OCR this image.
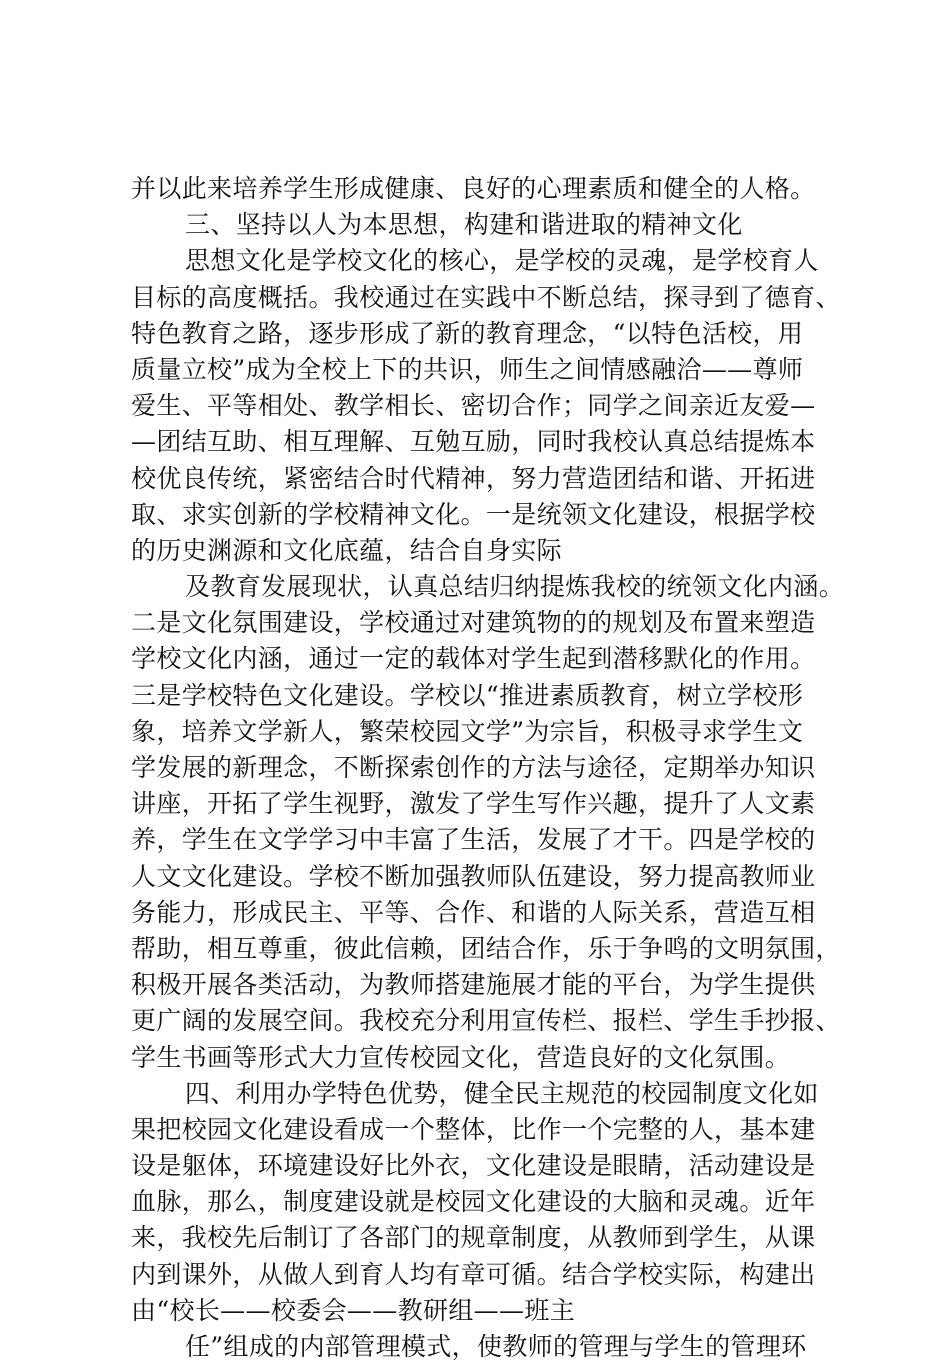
并以此来培养学生形成健康、良好的心理素质和健全的人格。
三、坚持以人为本思想，构建和谐进取的精神文化
思想文化是学校文化的核心，是学校的灵魂，是学校育人
目标的高度概括。我校通过在实践中不断总结，探寻到了德育、
特色教育之路，逐步形成了新的教育理念，“以特色活校，用
质量立校”成为全校上下的共识，师生之间情感融洽——尊师
爱生、平等相处、教学相长、密切合作；同学之间亲近友爱—
—团结互助、相互理解、互勉互励，同时我校认真总结提炼本
校优良传统，紧密结合时代精神，努力营造团结和谐、开拓进
取、求实创新的学校精神文化。一是统领文化建设，根据学校
的历史渊源和文化底蕴，结合自身实际
及教育发展现状，认真总结归纳提炼我校的统领文化内涵。
二是文化氛围建设，学校通过对建筑物的的规划及布置来塑造
学校文化内涵，通过一定的载体对学生起到潜移默化的作用。
三是学校特色文化建设。学校以“推进素质教育，树立学校形
象，培养文学新人，繁荣校园文学”为宗旨，积极寻求学生文
学发展的新理念，不断探索创作的方法与途径，定期举办知识
讲座，开拓了学生视野，激发了学生写作兴趣，提升了人文素
养，学生在文学学习中丰富了生活，发展了才干。四是学校的
人文文化建设。学校不断加强教师队伍建设，努力提高教师业
务能力，形成民主、平等、合作、和谐的人际关系，营造互相
帮助，相互尊重，彼此信赖，团结合作，乐于争鸣的文明氛围，
积极开展各类活动，为教师搭建施展才能的平台，为学生提供
更广阔的发展空间。我校充分利用宣传栏、报栏、学生手抄报、
学生书画等形式大力宣传校园文化，营造良好的文化氛围。
四、利用办学特色优势，健全民主规范的校园制度文化如
果把校园文化建设看成一个整体，比作一个完整的人，基本建
设是躯体，环境建设好比外衣，文化建设是眼睛，活动建设是
血脉，那么，制度建设就是校园文化建设的大脑和灵魂。近年
来，我校先后制订了各部门的规章制度，从教师到学生，从课
内到课外，从做人到育人均有章可循。结合学校实际，构建出
由“校长——校委会——教研组——班主
任”组成的内部管理模式，使教师的管理与学生的管理环
